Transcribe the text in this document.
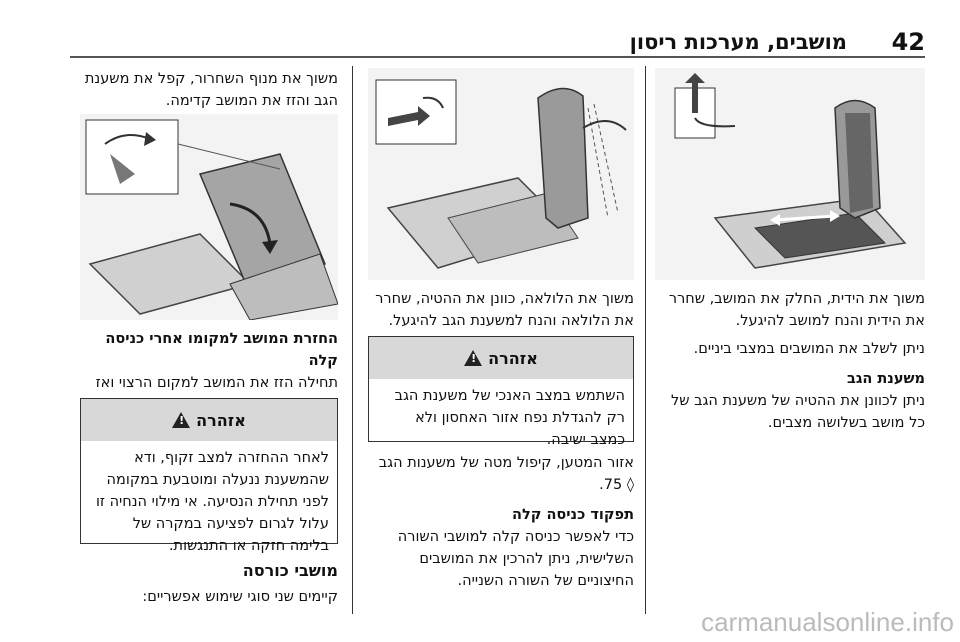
מושבים, מערכות ריסון 42

משוך את הידית, החלק את המושב, שחרר את הידית והנח למושב להיגעל.

ניתן לשלב את המושבים במצבי ביניים.

משענת הגב

ניתן לכוונן את ההטיה של משענת הגב של כל מושב בשלושה מצבים.

משוך את הלולאה, כוונן את ההטיה, שחרר את הלולאה והנח למשענת הגב להיגעל.

אזהרה
!
השתמש במצב האנכי של משענת הגב רק להגדלת נפח אזור האחסון ולא כמצב ישיבה.

אזור המטען, קיפול מטה של משענות הגב ◊ 75.

תפקוד כניסה קלה

כדי לאפשר כניסה קלה למושבי השורה השלישית, ניתן להרכין את המושבים החיצוניים של השורה השנייה.

משוך את מנוף השחרור, קפל את משענת הגב והזז את המושב קדימה.

החזרת המושב למקומו אחרי כניסה קלה

תחילה הזז את המושב למקום הרצוי ואז

אזהרה
!
לאחר ההחזרה למצב זקוף, ודא שהמשענת ננעלה ומוטבעת במקומה לפני תחילת הנסיעה. אי מילוי הנחיה זו עלול לגרום לפציעה במקרה של בלימה חזקה או התנגשות.

מושבי כורסה

קיימים שני סוגי שימוש אפשריים:

carmanualsonline.info
